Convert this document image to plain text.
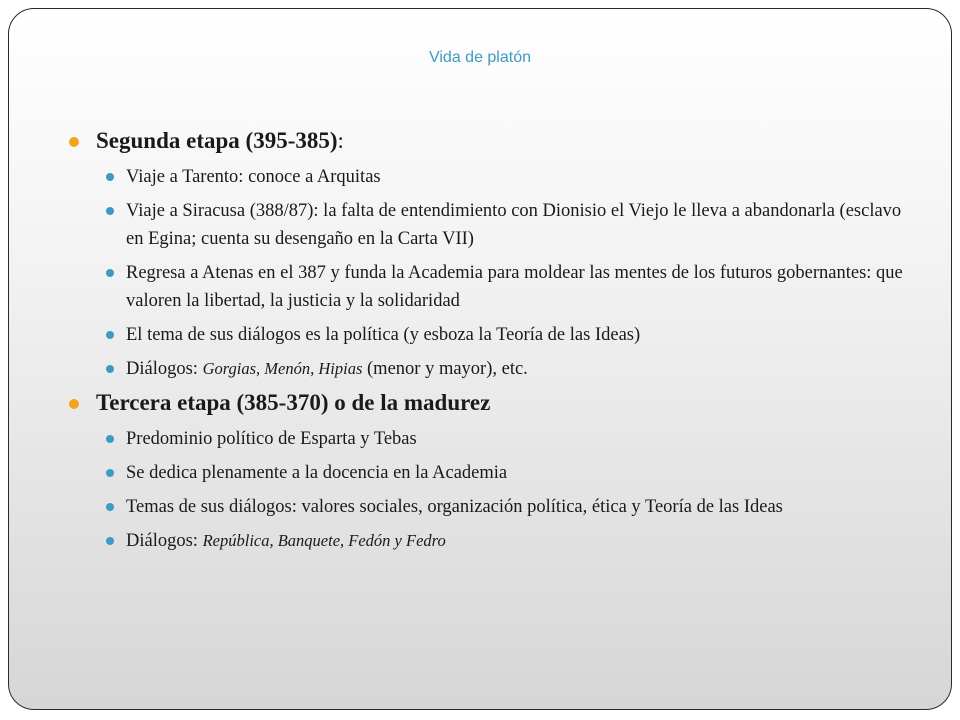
Vida de platón
Segunda etapa (395-385):
Viaje a Tarento: conoce a Arquitas
Viaje a Siracusa (388/87): la falta de entendimiento con Dionisio el Viejo le lleva a abandonarla (esclavo en Egina; cuenta su desengaño en la Carta VII)
Regresa a Atenas en el 387 y funda la Academia para moldear las mentes de los futuros gobernantes: que valoren la libertad, la justicia y la solidaridad
El tema de sus diálogos es la política (y esboza la Teoría de las Ideas)
Diálogos: Gorgias, Menón, Hipias (menor y mayor), etc.
Tercera etapa (385-370) o de la madurez
Predominio político de Esparta y Tebas
Se dedica plenamente a la docencia en la Academia
Temas de sus diálogos: valores sociales, organización política, ética y Teoría de las Ideas
Diálogos: República, Banquete, Fedón y Fedro
